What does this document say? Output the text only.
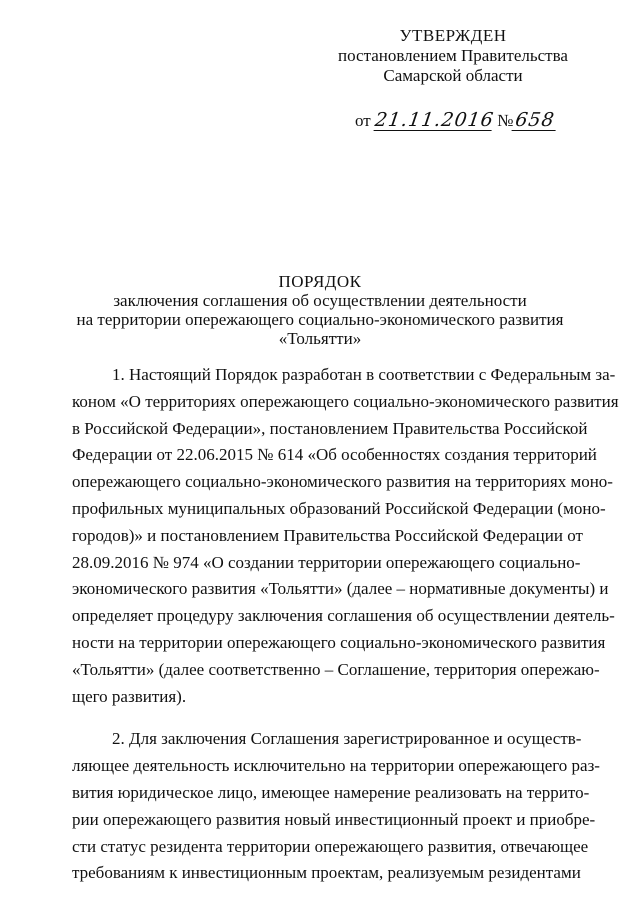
УТВЕРЖДЕН
постановлением Правительства
Самарской области
от 21.11.2016 №658
ПОРЯДОК
заключения соглашения об осуществлении деятельности
на территории опережающего социально-экономического развития
«Тольятти»
1. Настоящий Порядок разработан в соответствии с Федеральным за-
коном «О территориях опережающего социально-экономического развития
в Российской Федерации», постановлением Правительства Российской
Федерации от 22.06.2015 № 614 «Об особенностях создания территорий
опережающего социально-экономического развития на территориях моно-
профильных муниципальных образований Российской Федерации (моно-
городов)» и постановлением Правительства Российской Федерации от
28.09.2016 № 974 «О создании территории опережающего социально-
экономического развития «Тольятти» (далее – нормативные документы) и
определяет процедуру заключения соглашения об осуществлении деятель-
ности на территории опережающего социально-экономического развития
«Тольятти» (далее соответственно – Соглашение, территория опережаю-
щего развития).
2. Для заключения Соглашения зарегистрированное и осуществ-
ляющее деятельность исключительно на территории опережающего раз-
вития юридическое лицо, имеющее намерение реализовать на террито-
рии опережающего развития новый инвестиционный проект и приобре-
сти статус резидента территории опережающего развития, отвечающее
требованиям к инвестиционным проектам, реализуемым резидентами
